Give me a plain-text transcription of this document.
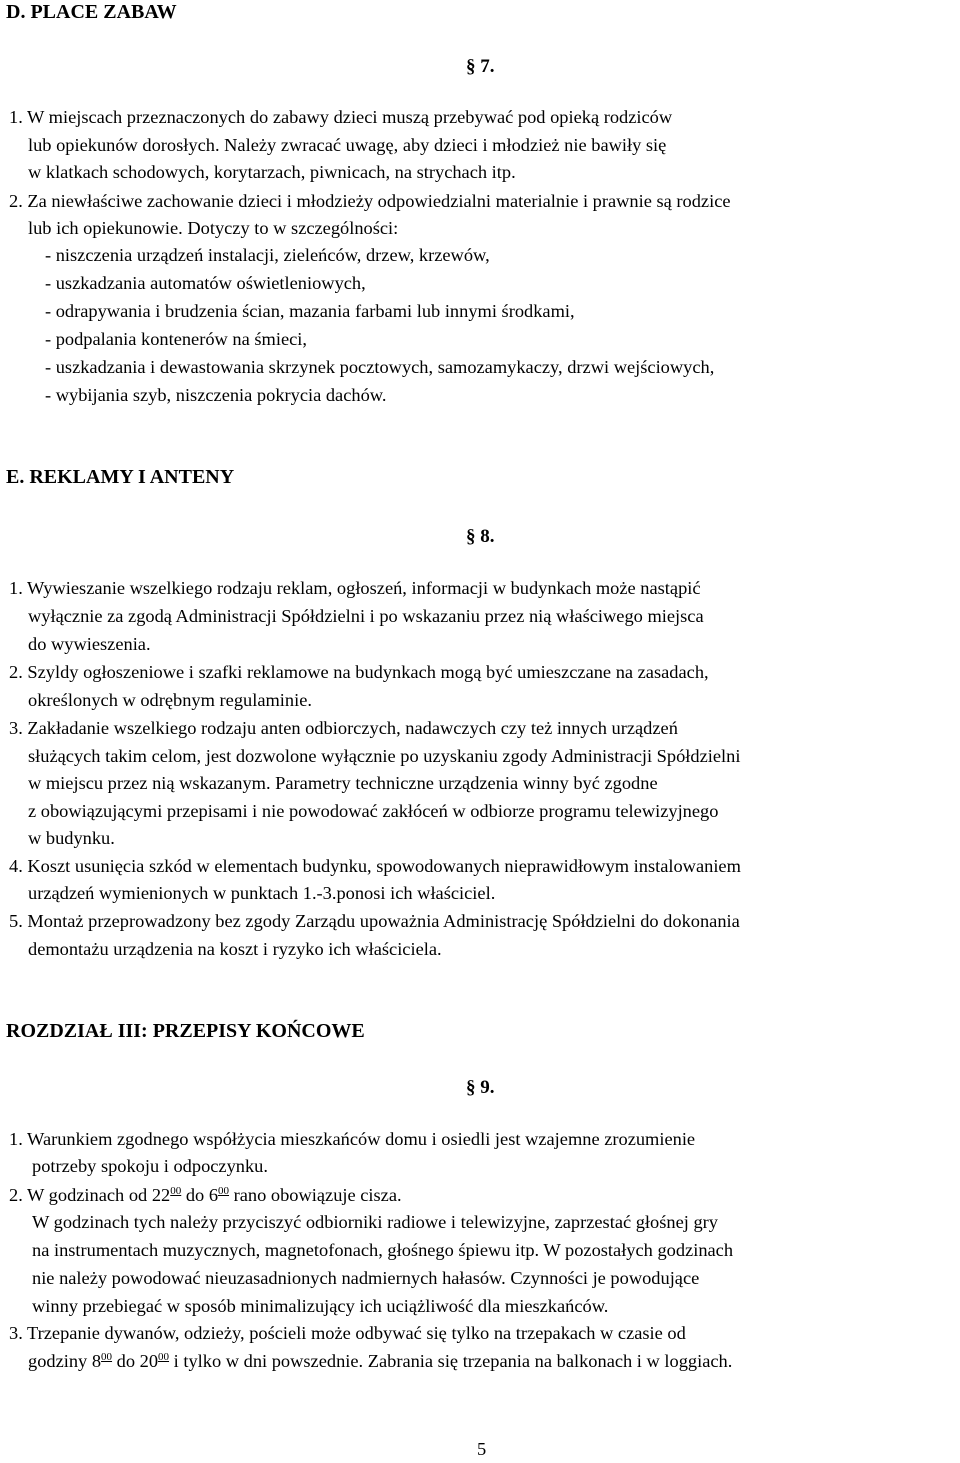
D. PLACE ZABAW
§ 7.
1. W miejscach przeznaczonych do zabawy dzieci muszą przebywać pod opieką rodziców
lub opiekunów dorosłych. Należy zwracać uwagę, aby dzieci i młodzież nie bawiły się
w klatkach schodowych, korytarzach, piwnicach, na strychach itp.
2. Za niewłaściwe zachowanie dzieci i młodzieży odpowiedzialni materialnie i prawnie są rodzice
lub ich opiekunowie. Dotyczy to w szczególności:
- niszczenia urządzeń instalacji, zieleńców, drzew, krzewów,
- uszkadzania automatów oświetleniowych,
- odrapywania i brudzenia ścian, mazania farbami lub innymi środkami,
- podpalania kontenerów na śmieci,
- uszkadzania i dewastowania skrzynek pocztowych, samozamykaczy, drzwi wejściowych,
- wybijania szyb, niszczenia pokrycia dachów.
E. REKLAMY I ANTENY
§ 8.
1. Wywieszanie wszelkiego rodzaju reklam, ogłoszeń, informacji w budynkach może nastąpić
wyłącznie za zgodą Administracji Spółdzielni i po wskazaniu przez nią właściwego miejsca
do wywieszenia.
2. Szyldy ogłoszeniowe i szafki reklamowe na budynkach mogą być umieszczane na zasadach,
określonych w odrębnym regulaminie.
3. Zakładanie wszelkiego rodzaju anten odbiorczych, nadawczych czy też innych urządzeń
służących takim celom, jest dozwolone wyłącznie po uzyskaniu zgody Administracji Spółdzielni
w miejscu przez nią wskazanym. Parametry techniczne urządzenia winny być zgodne
z obowiązującymi przepisami i nie powodować zakłóceń w odbiorze programu telewizyjnego
w budynku.
4. Koszt usunięcia szkód w elementach budynku, spowodowanych nieprawidłowym instalowaniem
urządzeń wymienionych w punktach 1.-3.ponosi ich właściciel.
5. Montaż przeprowadzony bez zgody Zarządu upoważnia Administrację Spółdzielni do dokonania
demontażu urządzenia na koszt i ryzyko ich właściciela.
ROZDZIAŁ III: PRZEPISY KOŃCOWE
§ 9.
1. Warunkiem zgodnego współżycia mieszkańców domu i osiedli jest wzajemne zrozumienie
potrzeby spokoju i odpoczynku.
2. W godzinach od $22^{00}$ do $6^{00}$ rano obowiązuje cisza.
W godzinach tych należy przyciszyć odbiorniki radiowe i telewizyjne, zaprzestać głośnej gry
na instrumentach muzycznych, magnetofonach, głośnego śpiewu itp. W pozostałych godzinach
nie należy powodować nieuzasadnionych nadmiernych hałasów. Czynności je powodujące
winny przebiegać w sposób minimalizujący ich uciążliwość dla mieszkańców.
3. Trzepanie dywanów, odzieży, pościeli może odbywać się tylko na trzepakach w czasie od
godziny $8^{00}$ do $20^{00}$ i tylko w dni powszednie. Zabrania się trzepania na balkonach i w loggiach.
5
